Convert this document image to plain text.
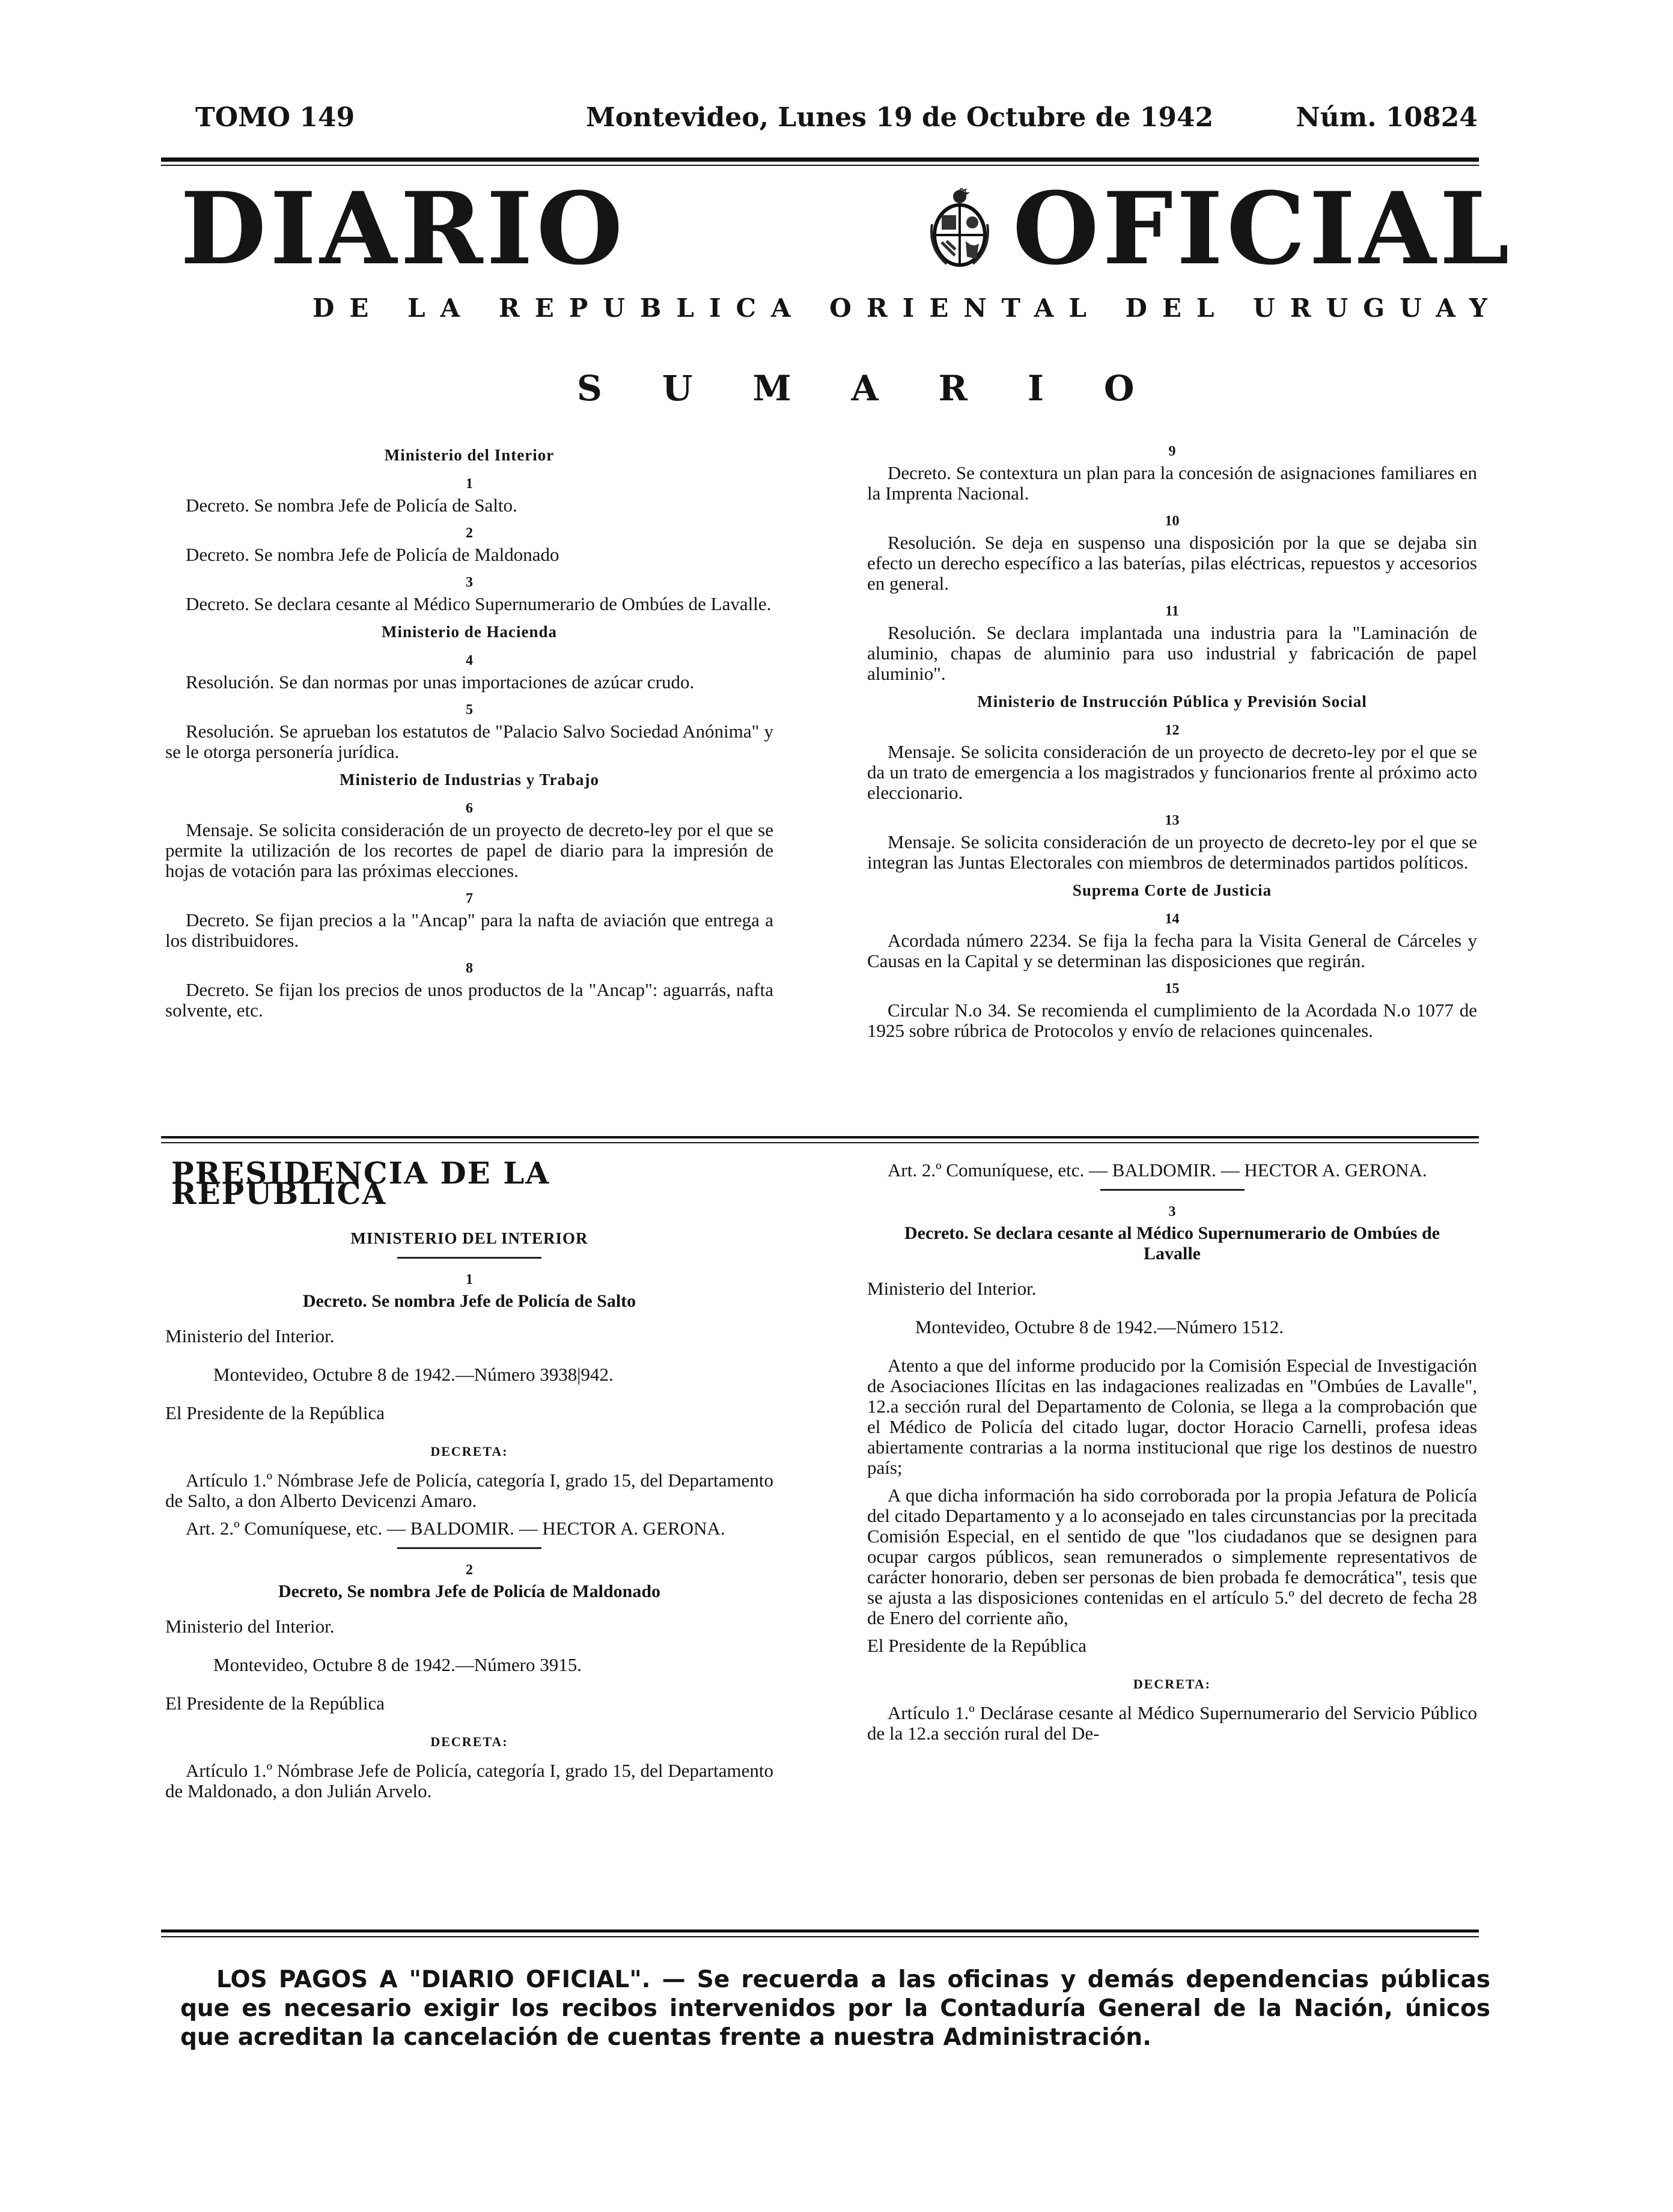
TOMO 149	Montevideo, Lunes 19 de Octubre de 1942	Núm. 10824
DIARIO	OFICIAL
DE LA REPUBLICA ORIENTAL DEL URUGUAY
SUMARIO
Ministerio del Interior
1

Decreto. Se nombra Jefe de Policía de Salto.

2

Decreto. Se nombra Jefe de Policía de Maldonado

3

Decreto. Se declara cesante al Médico Supernumerario de Ombúes de Lavalle.

Ministerio de Hacienda
4

Resolución. Se dan normas por unas importaciones de azúcar crudo.

5

Resolución. Se aprueban los estatutos de "Palacio Salvo Sociedad Anónima" y se le otorga personería jurídica.

Ministerio de Industrias y Trabajo
6

Mensaje. Se solicita consideración de un proyecto de decreto-ley por el que se permite la utilización de los recortes de papel de diario para la impresión de hojas de votación para las próximas elecciones.

7

Decreto. Se fijan precios a la "Ancap" para la nafta de aviación que entrega a los distribuidores.

8

Decreto. Se fijan los precios de unos productos de la "Ancap": aguarrás, nafta solvente, etc.

9

Decreto. Se contextura un plan para la concesión de asignaciones familiares en la Imprenta Nacional.

10

Resolución. Se deja en suspenso una disposición por la que se dejaba sin efecto un derecho específico a las baterías, pilas eléctricas, repuestos y accesorios en general.

11

Resolución. Se declara implantada una industria para la "Laminación de aluminio, chapas de aluminio para uso industrial y fabricación de papel aluminio".

Ministerio de Instrucción Pública y Previsión Social
12

Mensaje. Se solicita consideración de un proyecto de decreto-ley por el que se da un trato de emergencia a los magistrados y funcionarios frente al próximo acto eleccionario.

13

Mensaje. Se solicita consideración de un proyecto de decreto-ley por el que se integran las Juntas Electorales con miembros de determinados partidos políticos.

Suprema Corte de Justicia
14

Acordada número 2234. Se fija la fecha para la Visita General de Cárceles y Causas en la Capital y se determinan las disposiciones que regirán.

15

Circular N.o 34. Se recomienda el cumplimiento de la Acordada N.o 1077 de 1925 sobre rúbrica de Protocolos y envío de relaciones quincenales.

PRESIDENCIA DE LA REPUBLICA
MINISTERIO DEL INTERIOR
1
Decreto. Se nombra Jefe de Policía de Salto

Ministerio del Interior.

Montevideo, Octubre 8 de 1942.—Número 3938|942.

El Presidente de la República

DECRETA:

Artículo 1.º Nómbrase Jefe de Policía, categoría I, grado 15, del Departamento de Salto, a don Alberto Devicenzi Amaro.

Art. 2.º Comuníquese, etc. — BALDOMIR. — HECTOR A. GERONA.

2
Decreto, Se nombra Jefe de Policía de Maldonado

Ministerio del Interior.

Montevideo, Octubre 8 de 1942.—Número 3915.

El Presidente de la República

DECRETA:

Artículo 1.º Nómbrase Jefe de Policía, categoría I, grado 15, del Departamento de Maldonado, a don Julián Arvelo.

Art. 2.º Comuníquese, etc. — BALDOMIR. — HECTOR A. GERONA.

3
Decreto. Se declara cesante al Médico Supernumerario de Ombúes de Lavalle

Ministerio del Interior.

Montevideo, Octubre 8 de 1942.—Número 1512.

Atento a que del informe producido por la Comisión Especial de Investigación de Asociaciones Ilícitas en las indagaciones realizadas en "Ombúes de Lavalle", 12.a sección rural del Departamento de Colonia, se llega a la comprobación que el Médico de Policía del citado lugar, doctor Horacio Carnelli, profesa ideas abiertamente contrarias a la norma institucional que rige los destinos de nuestro país;

A que dicha información ha sido corroborada por la propia Jefatura de Policía del citado Departamento y a lo aconsejado en tales circunstancias por la precitada Comisión Especial, en el sentido de que "los ciudadanos que se designen para ocupar cargos públicos, sean remunerados o simplemente representativos de carácter honorario, deben ser personas de bien probada fe democrática", tesis que se ajusta a las disposiciones contenidas en el artículo 5.º del decreto de fecha 28 de Enero del corriente año,

El Presidente de la República

DECRETA:

Artículo 1.º Declárase cesante al Médico Supernumerario del Servicio Público de la 12.a sección rural del De-

LOS PAGOS A "DIARIO OFICIAL". — Se recuerda a las oficinas y demás dependencias públicas que es necesario exigir los recibos intervenidos por la Contaduría General de la Nación, únicos que acreditan la cancelación de cuentas frente a nuestra Administración.
